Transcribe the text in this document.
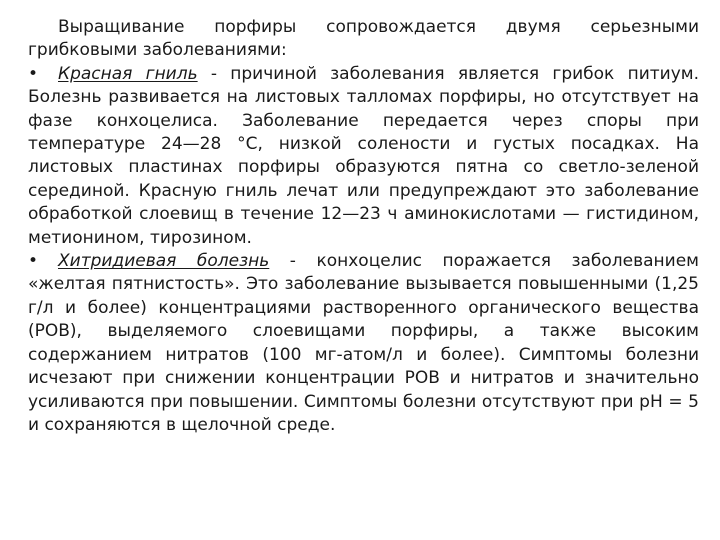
Выращивание порфиры сопровождается двумя серьезными грибковыми заболеваниями:

• Красная гниль - причиной заболевания является грибок питиум. Болезнь развивается на листовых талломах порфиры, но отсутствует на фазе конхоцелиса. Заболевание передается через споры при температуре 24—28 °С, низкой солености и густых посадках. На листовых пластинах порфиры образуются пятна со светло-зеленой серединой. Красную гниль лечат или предупреждают это заболевание обработкой слоевищ в течение 12—23 ч аминокислотами — гистидином, метионином, тирозином.

• Хитридиевая болезнь - конхоцелис поражается заболеванием «желтая пятнистость». Это заболевание вызывается повышенными (1,25 г/л и более) концентрациями растворенного органического вещества (РОВ), выделяемого слоевищами порфиры, а также высоким содержанием нитратов (100 мг-атом/л и более). Симптомы болезни исчезают при снижении концентрации РОВ и нитратов и значительно усиливаются при повышении. Симптомы болезни отсутствуют при рН = 5 и сохраняются в щелочной среде.
